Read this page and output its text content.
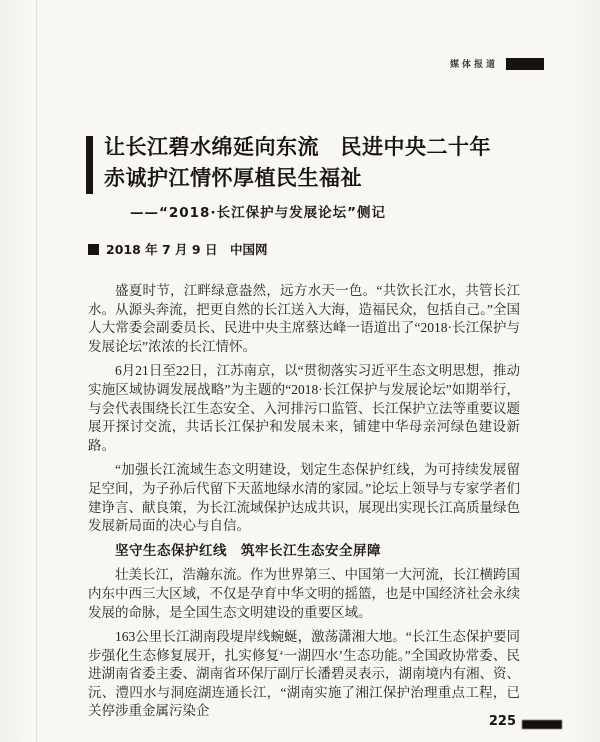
媒体报道
让长江碧水绵延向东流　民进中央二十年
赤诚护江情怀厚植民生福祉
——“2018·长江保护与发展论坛”侧记
2018 年 7 月 9 日　中国网

盛夏时节，江畔绿意盎然，远方水天一色。“共饮长江水，共管长江水。从源头奔流，把更自然的长江送入大海，造福民众，包括自己。”全国人大常委会副委员长、民进中央主席蔡达峰一语道出了“2018·长江保护与发展论坛”浓浓的长江情怀。

6月21日至22日，江苏南京，以“贯彻落实习近平生态文明思想，推动实施区域协调发展战略”为主题的“2018·长江保护与发展论坛”如期举行，与会代表围绕长江生态安全、入河排污口监管、长江保护立法等重要议题展开探讨交流，共话长江保护和发展未来，铺建中华母亲河绿色建设新路。

“加强长江流域生态文明建设，划定生态保护红线，为可持续发展留足空间，为子孙后代留下天蓝地绿水清的家园。”论坛上领导与专家学者们建诤言、献良策，为长江流域保护达成共识，展现出实现长江高质量绿色发展新局面的决心与自信。

坚守生态保护红线　筑牢长江生态安全屏障

壮美长江，浩瀚东流。作为世界第三、中国第一大河流，长江横跨国内东中西三大区域，不仅是孕育中华文明的摇篮，也是中国经济社会永续发展的命脉，是全国生态文明建设的重要区域。

163公里长江湖南段堤岸线蜿蜒，激荡潇湘大地。“长江生态保护要同步强化生态修复展开，扎实修复‘一湖四水’生态功能。”全国政协常委、民进湖南省委主委、湖南省环保厅副厅长潘碧灵表示，湖南境内有湘、资、沅、澧四水与洞庭湖连通长江，“湖南实施了湘江保护治理重点工程，已关停涉重金属污染企

225
